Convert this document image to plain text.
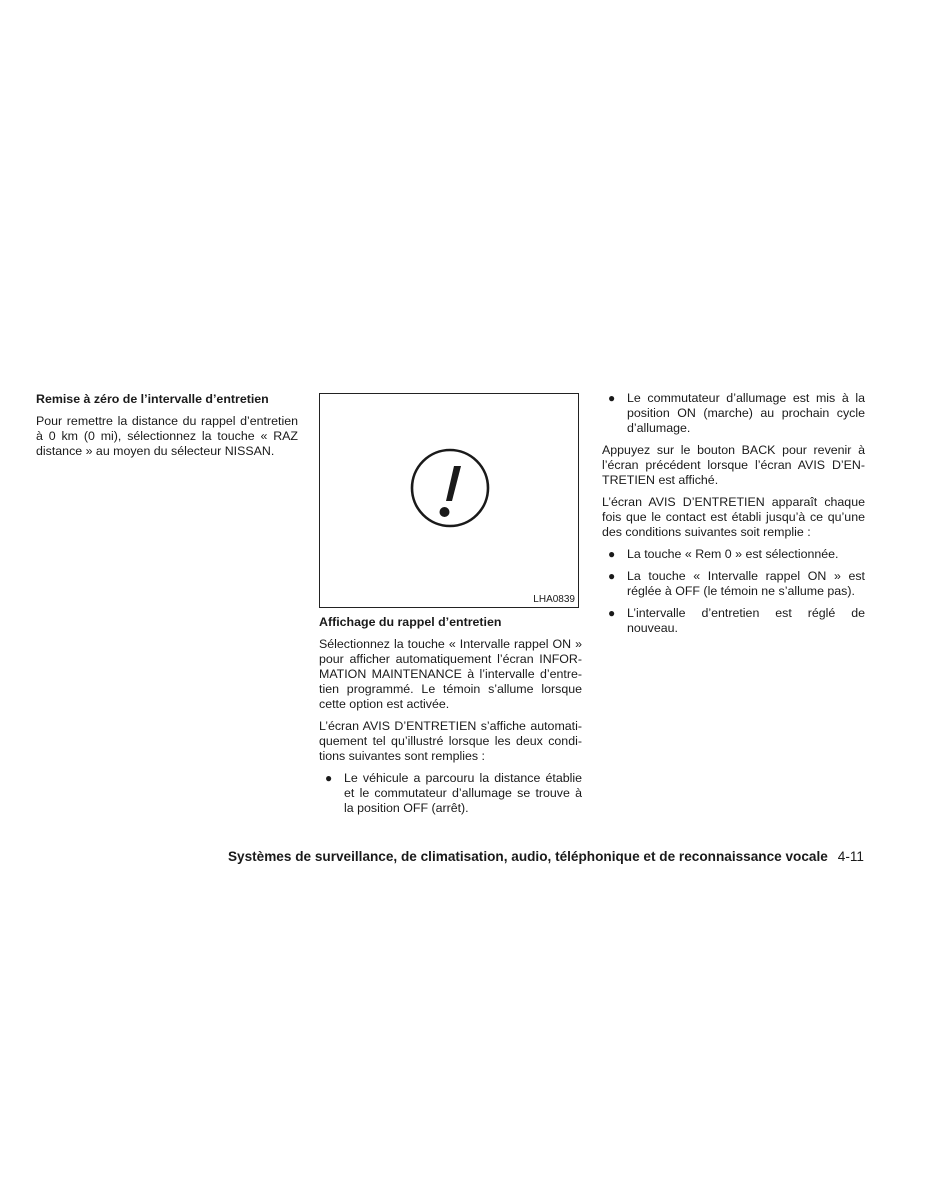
Remise à zéro de l’intervalle d’entretien

Pour remettre la distance du rappel d’entretien à 0 km (0 mi), sélectionnez la touche « RAZ distance » au moyen du sélecteur NISSAN.

LHA0839
Affichage du rappel d’entretien

Sélectionnez la touche « Intervalle rappel ON » pour afficher automatiquement l’écran INFORMATION MAINTENANCE à l’intervalle d’entretien programmé. Le témoin s’allume lorsque cette option est activée.

L’écran AVIS D’ENTRETIEN s’affiche automatiquement tel qu’illustré lorsque les deux conditions suivantes sont remplies :

● Le véhicule a parcouru la distance établie et le commutateur d’allumage se trouve à la position OFF (arrêt).
● Le commutateur d’allumage est mis à la position ON (marche) au prochain cycle d’allumage.

Appuyez sur le bouton BACK pour revenir à l’écran précédent lorsque l’écran AVIS D’ENTRETIEN est affiché.

L’écran AVIS D’ENTRETIEN apparaît chaque fois que le contact est établi jusqu’à ce qu’une des conditions suivantes soit remplie :

● La touche « Rem 0 » est sélectionnée.
● La touche « Intervalle rappel ON » est réglée à OFF (le témoin ne s’allume pas).
● L’intervalle d’entretien est réglé de nouveau.
Systèmes de surveillance, de climatisation, audio, téléphonique et de reconnaissance vocale 4-11
